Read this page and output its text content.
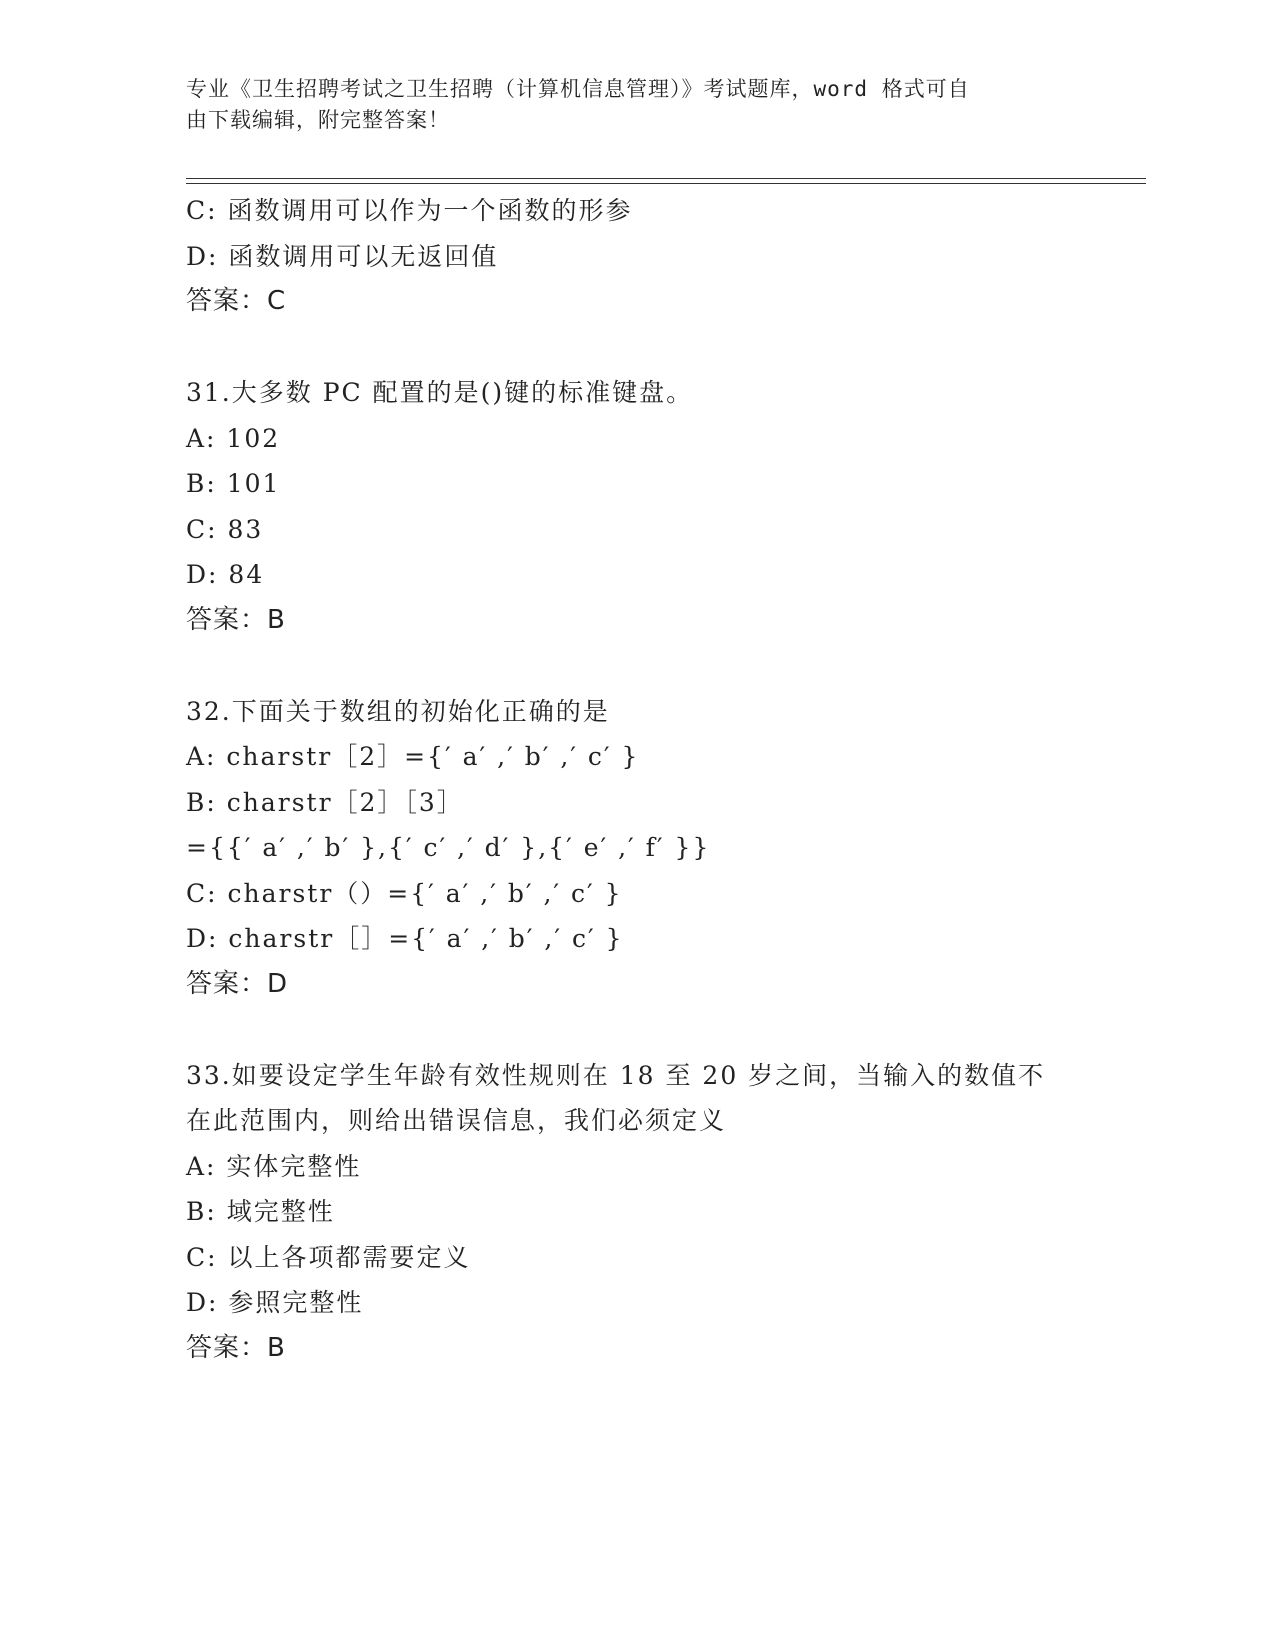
专业《卫生招聘考试之卫生招聘（计算机信息管理）》考试题库，word 格式可自
由下载编辑，附完整答案！
C: 函数调用可以作为一个函数的形参
D: 函数调用可以无返回值
答案：C
31.大多数 PC 配置的是()键的标准键盘。
A: 102
B: 101
C: 83
D: 84
答案：B
32.下面关于数组的初始化正确的是
A: charstr［2］={′ a′ ,′ b′ ,′ c′ }
B: charstr［2］［3］
={{′ a′ ,′ b′ },{′ c′ ,′ d′ },{′ e′ ,′ f′ }}
C: charstr（）={′ a′ ,′ b′ ,′ c′ }
D: charstr［］={′ a′ ,′ b′ ,′ c′ }
答案：D
33.如要设定学生年龄有效性规则在 18 至 20 岁之间，当输入的数值不
在此范围内，则给出错误信息，我们必须定义
A: 实体完整性
B: 域完整性
C: 以上各项都需要定义
D: 参照完整性
答案：B
